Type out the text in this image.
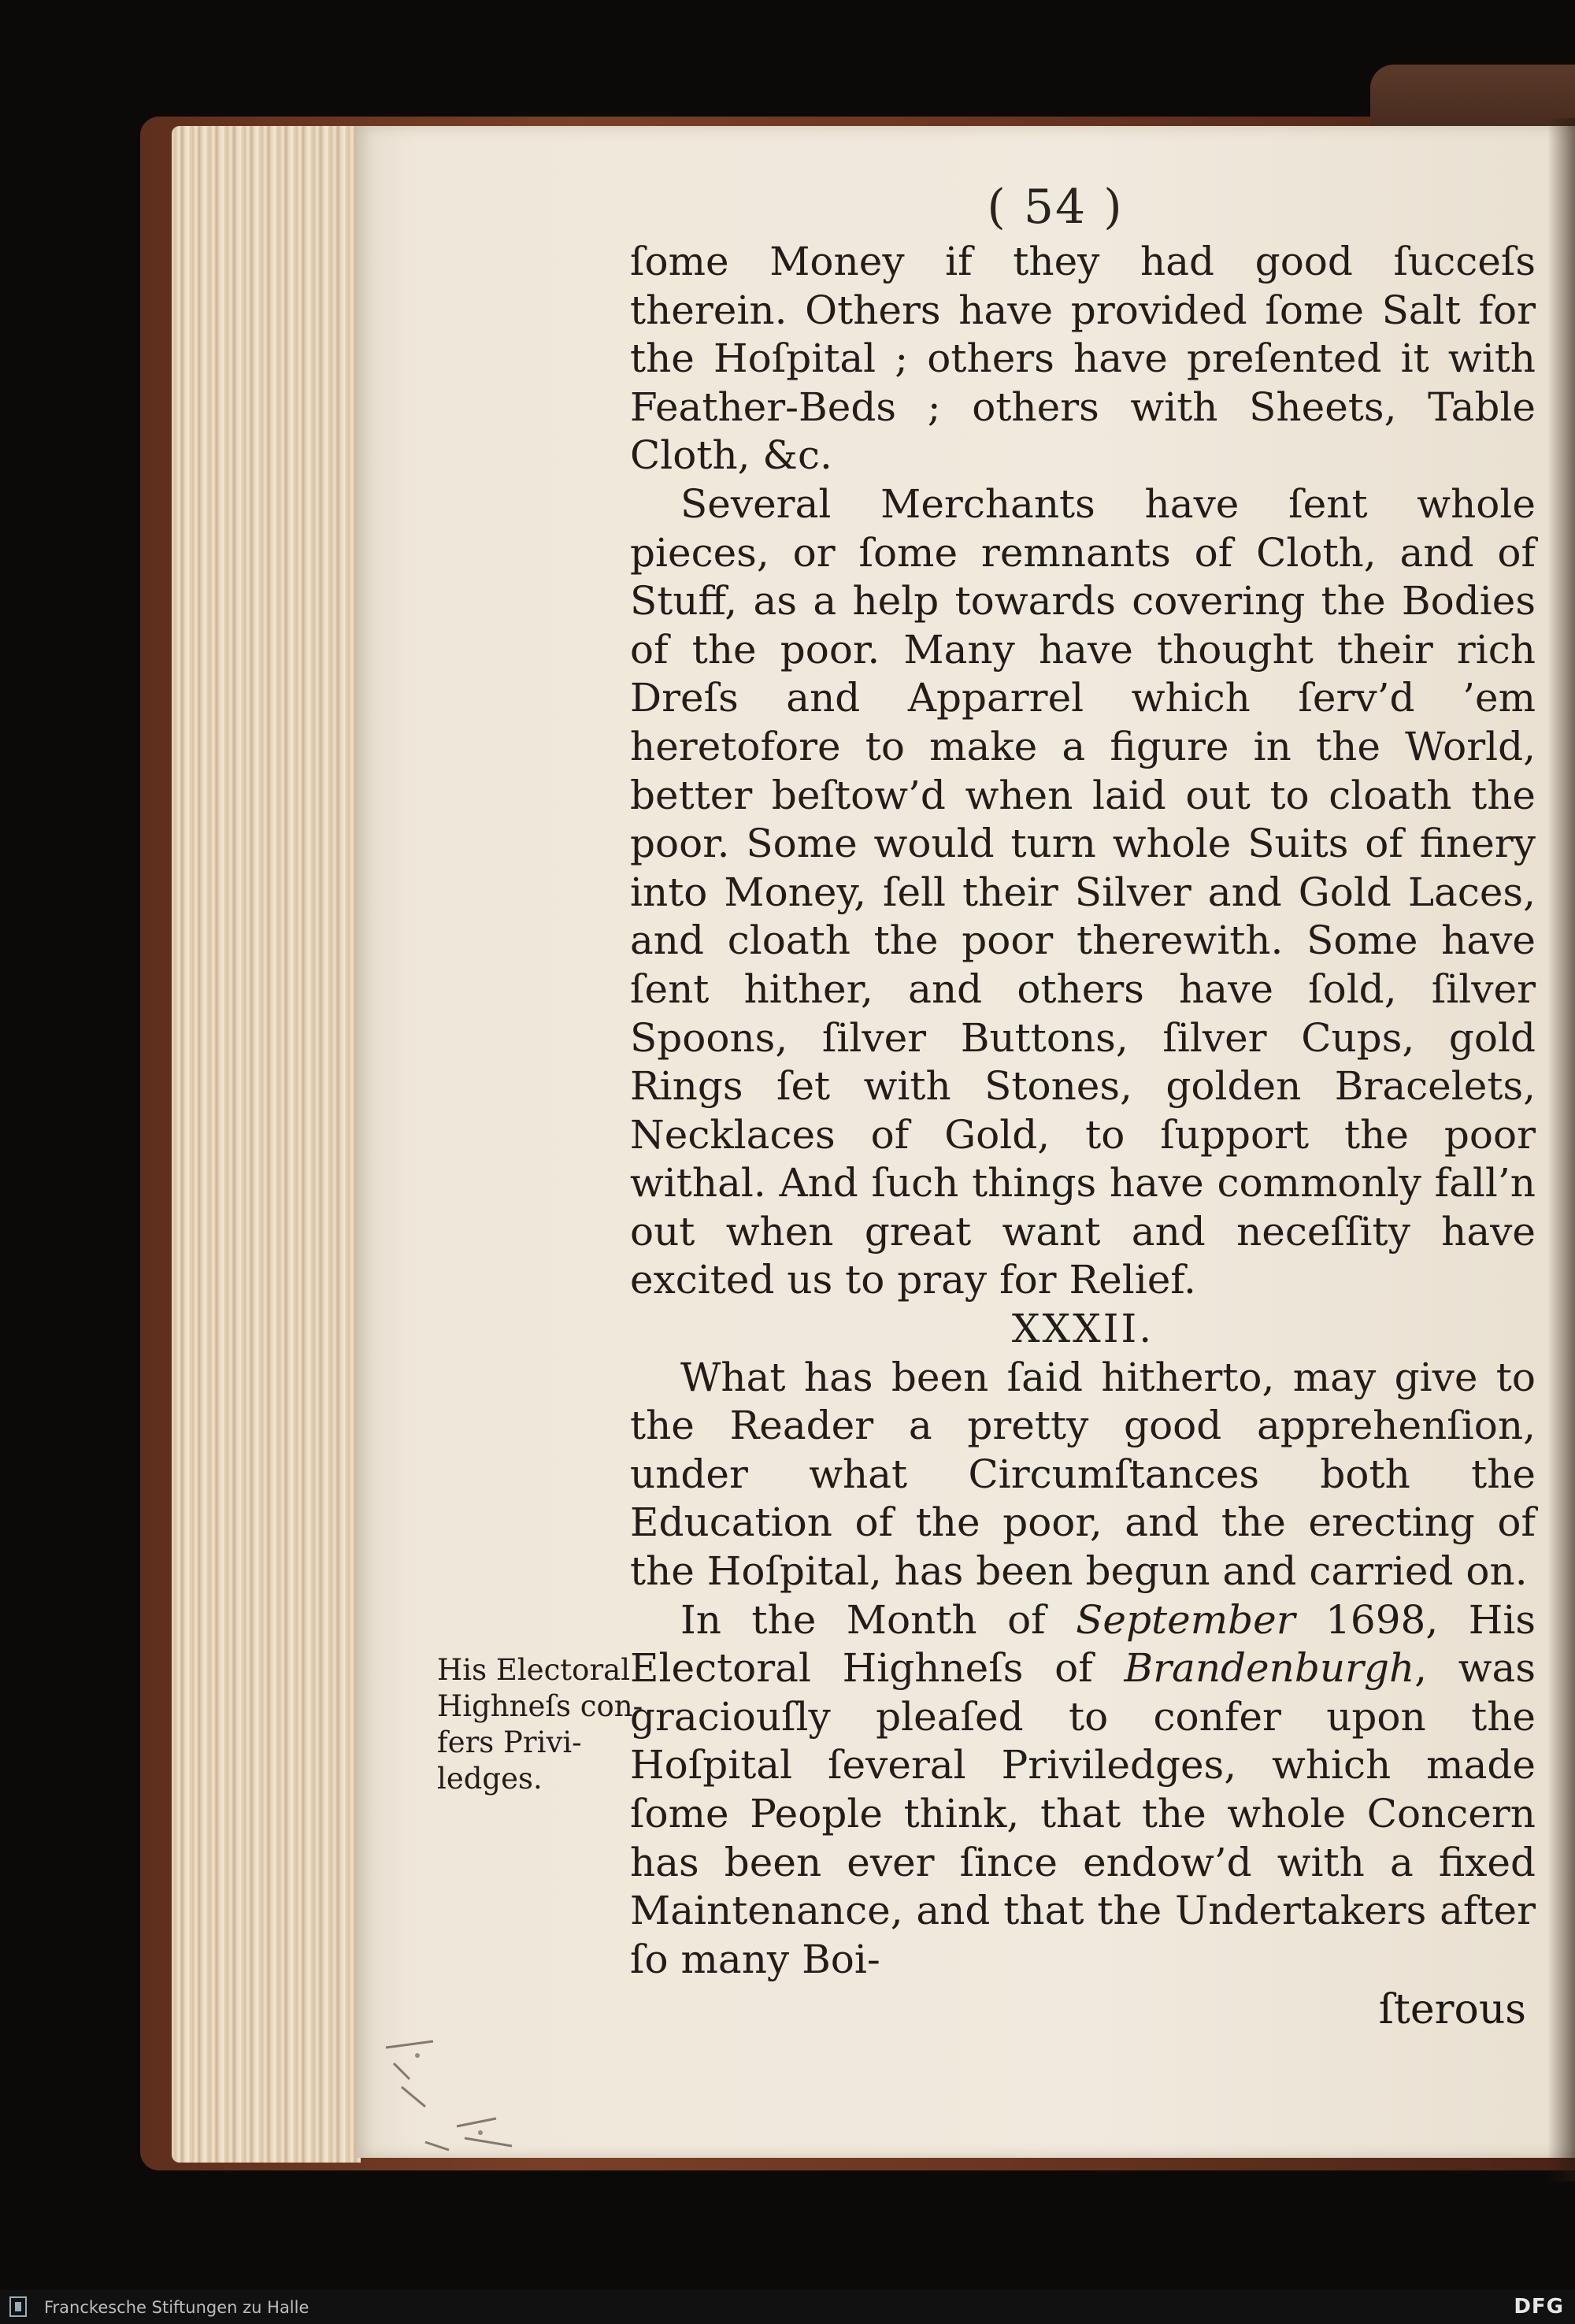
( 54 )

ſome Money if they had good ſucceſs therein. Others have provided ſome Salt for the Hoſpital ; others have preſented it with Feather-Beds ; others with Sheets, Table Cloth, &c.

Several Merchants have ſent whole pieces, or ſome remnants of Cloth, and of Stuff, as a help towards covering the Bodies of the poor. Many have thought their rich Dreſs and Apparrel which ſerv’d ’em heretofore to make a figure in the World, better beſtow’d when laid out to cloath the poor. Some would turn whole Suits of finery into Money, ſell their Silver and Gold Laces, and cloath the poor therewith. Some have ſent hither, and others have ſold, ſilver Spoons, ſilver Buttons, ſilver Cups, gold Rings ſet with Stones, golden Bracelets, Necklaces of Gold, to ſupport the poor withal. And ſuch things have commonly fall’n out when great want and neceſſity have excited us to pray for Relief.

XXXII.

What has been ſaid hitherto, may give to the Reader a pretty good apprehenſion, under what Circumſtances both the Education of the poor, and the erecting of the Hoſpital, has been begun and carried on.

In the Month of September 1698, His Electoral Highneſs of Brandenburgh, was graciouſly pleaſed to confer upon the Hoſpital ſeveral Priviledges, which made ſome People think, that the whole Concern has been ever ſince endow’d with a fixed Maintenance, and that the Undertakers after ſo many Boi-

ſterous
His Electoral
Highneſs con-
fers Privi-
ledges.
Franckesche Stiftungen zu Halle	DFG
